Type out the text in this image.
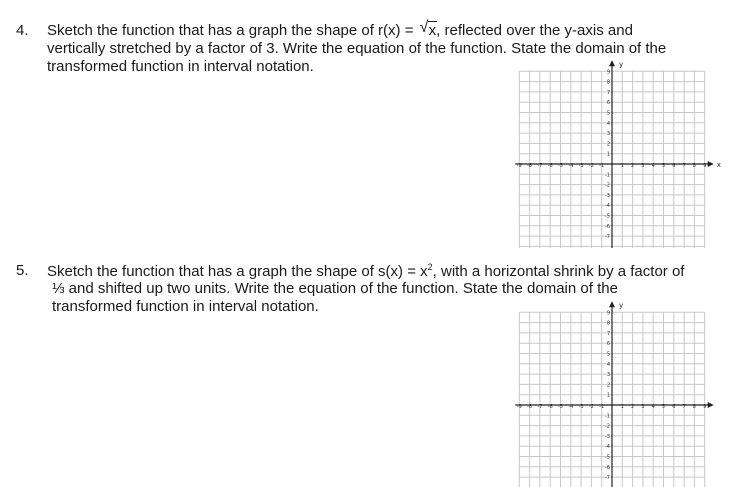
4. Sketch the function that has a graph the shape of r(x) = √ x, reflected over the y-axis and
vertically stretched by a factor of 3. Write the equation of the function. State the domain of the
transformed function in interval notation.
x
y
-9 -8 -7 -6 -5 -4 -3 -2 -1	1 2 3 4 5 6 7 8 9
-7
-6
-5
-4
-3
-2
-1
1
2
3
4
5
6
7
8
9
5. Sketch the function that has a graph the shape of $s(x) = x^2$, with a horizontal shrink by a factor of
⅓ and shifted up two units. Write the equation of the function. State the domain of the
transformed function in interval notation.	y
-9 -8 -7 -6 -5 -4 -3 -2 -1	1 2 3 4 5 6 7 8 9
-7
-6
-5
-4
-3
-2
-1
1
2
3
4
5
6
7
8
9
